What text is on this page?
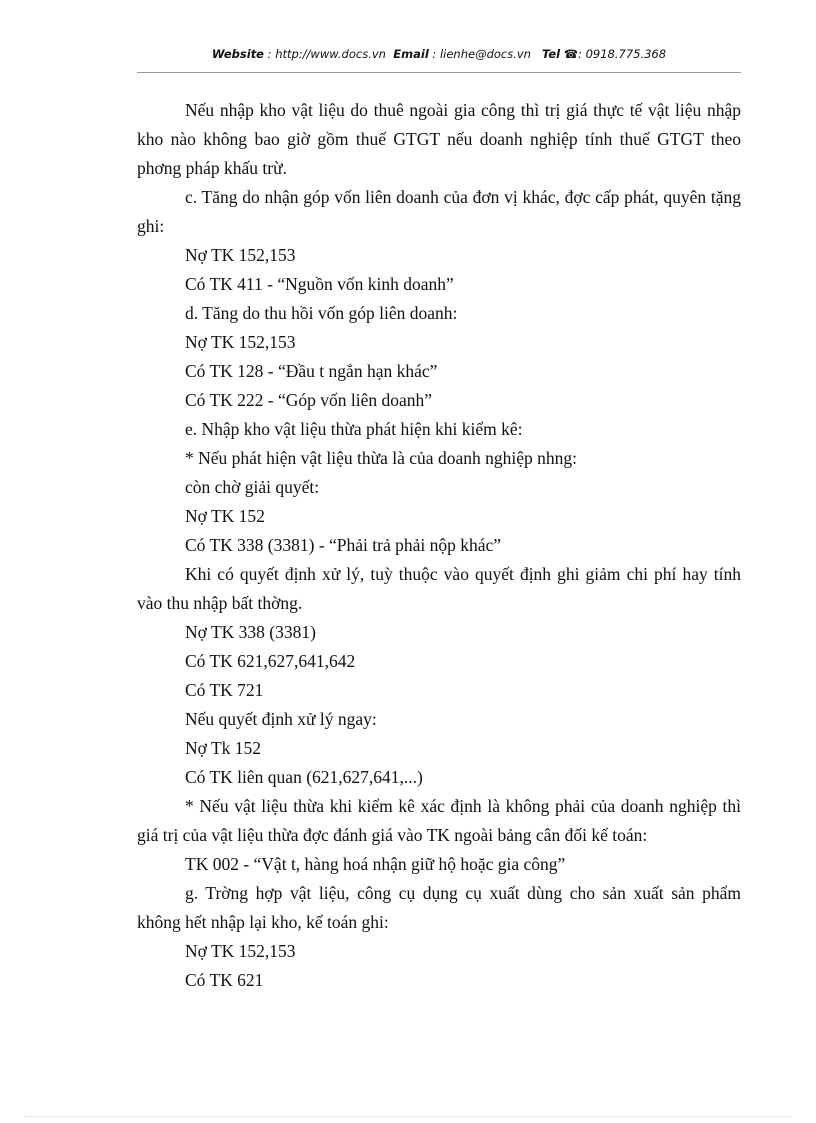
Website : http://www.docs.vn Email : lienhe@docs.vn Tel ☎: 0918.775.368

Nếu nhập kho vật liệu do thuê ngoài gia công thì trị giá thực tế vật liệu nhập kho nào không bao giờ gồm thuế GTGT nếu doanh nghiệp tính thuế GTGT theo phơng pháp khấu trừ.

c. Tăng do nhận góp vốn liên doanh của đơn vị khác, đợc cấp phát, quyên tặng ghi:

Nợ TK 152,153

Có TK 411 - “Nguồn vốn kinh doanh”

d. Tăng do thu hồi vốn góp liên doanh:

Nợ TK 152,153

Có TK 128 - “Đầu t ngắn hạn khác”

Có TK 222 - “Góp vốn liên doanh”

e. Nhập kho vật liệu thừa phát hiện khi kiểm kê:

* Nếu phát hiện vật liệu thừa là của doanh nghiệp nhng:

còn chờ giải quyết:

Nợ TK 152

Có TK 338 (3381) - “Phải trả phải nộp khác”

Khi có quyết định xử lý, tuỳ thuộc vào quyết định ghi giảm chi phí hay tính vào thu nhập bất thờng.

Nợ TK 338 (3381)

Có TK 621,627,641,642

Có TK 721

Nếu quyết định xử lý ngay:

Nợ Tk 152

Có TK liên quan (621,627,641,...)

* Nếu vật liệu thừa khi kiểm kê xác định là không phải của doanh nghiệp thì giá trị của vật liệu thừa đợc đánh giá vào TK ngoài bảng cân đối kế toán:

TK 002 - “Vật t, hàng hoá nhận giữ hộ hoặc gia công”

g. Trờng hợp vật liệu, công cụ dụng cụ xuất dùng cho sản xuất sản phẩm không hết nhập lại kho, kế toán ghi:

Nợ TK 152,153

Có TK 621
